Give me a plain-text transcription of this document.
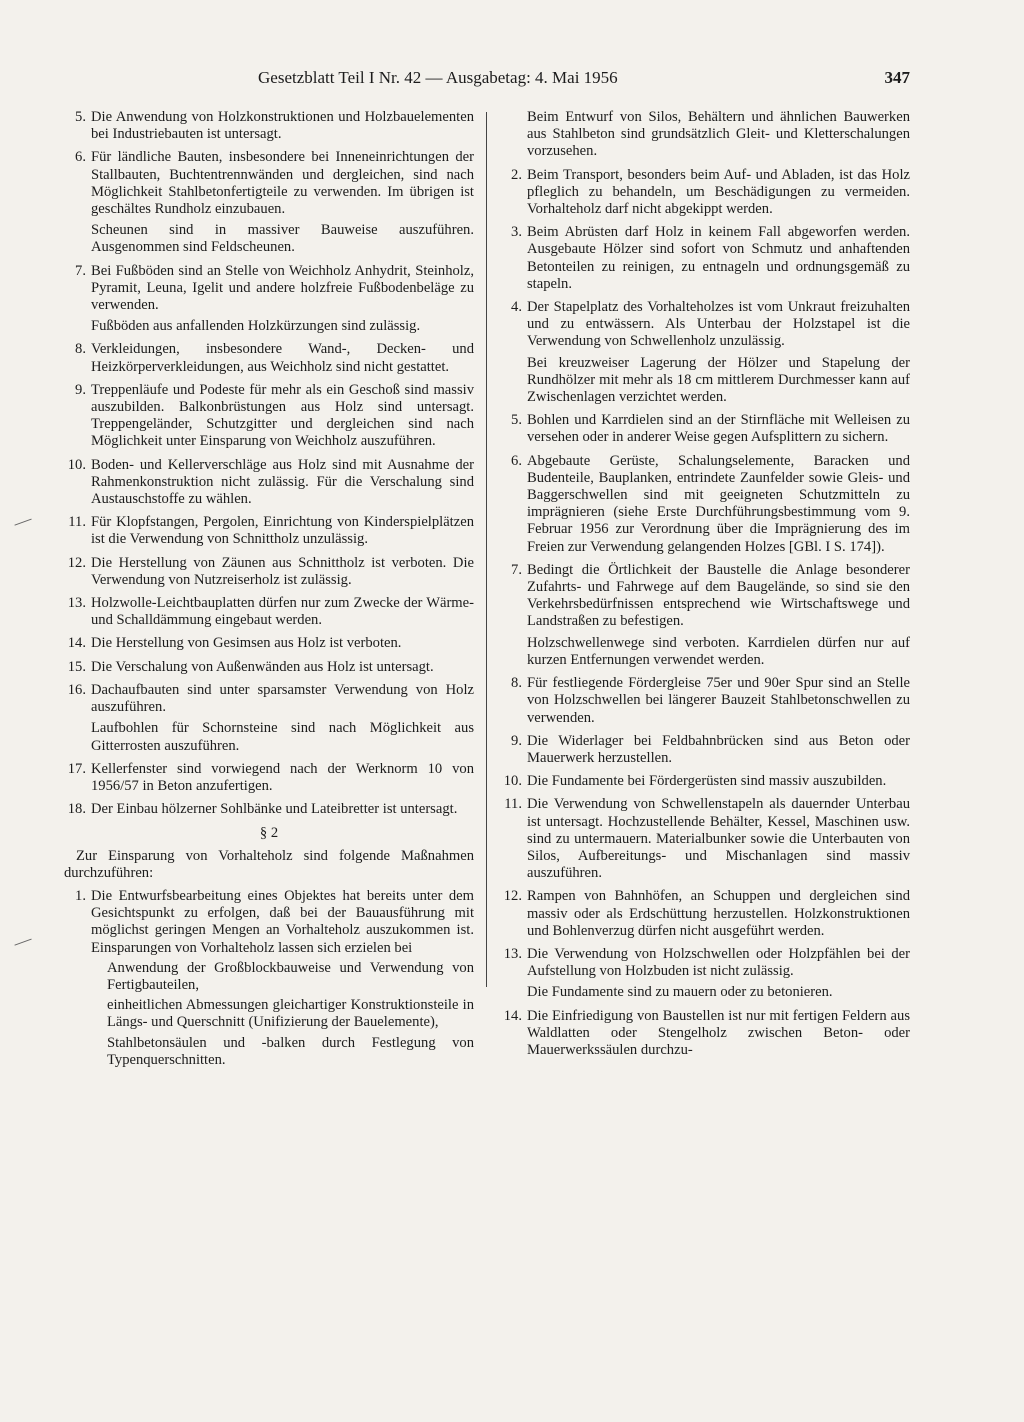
Gesetzblatt Teil I Nr. 42 — Ausgabetag: 4. Mai 1956	347
5. Die Anwendung von Holzkonstruktionen und Holzbauelementen bei Industriebauten ist untersagt.

6. Für ländliche Bauten, insbesondere bei Inneneinrichtungen der Stallbauten, Buchtentrennwänden und dergleichen, sind nach Möglichkeit Stahlbetonfertigteile zu verwenden. Im übrigen ist geschältes Rundholz einzubauen.

Scheunen sind in massiver Bauweise auszuführen. Ausgenommen sind Feldscheunen.

7. Bei Fußböden sind an Stelle von Weichholz Anhydrit, Steinholz, Pyramit, Leuna, Igelit und andere holzfreie Fußbodenbeläge zu verwenden.

Fußböden aus anfallenden Holzkürzungen sind zulässig.

8. Verkleidungen, insbesondere Wand-, Decken- und Heizkörperverkleidungen, aus Weichholz sind nicht gestattet.

9. Treppenläufe und Podeste für mehr als ein Geschoß sind massiv auszubilden. Balkonbrüstungen aus Holz sind untersagt. Treppengeländer, Schutzgitter und dergleichen sind nach Möglichkeit unter Einsparung von Weichholz auszuführen.

10. Boden- und Kellerverschläge aus Holz sind mit Ausnahme der Rahmenkonstruktion nicht zulässig. Für die Verschalung sind Austauschstoffe zu wählen.

11. Für Klopfstangen, Pergolen, Einrichtung von Kinderspielplätzen ist die Verwendung von Schnittholz unzulässig.

12. Die Herstellung von Zäunen aus Schnittholz ist verboten. Die Verwendung von Nutzreiserholz ist zulässig.

13. Holzwolle-Leichtbauplatten dürfen nur zum Zwecke der Wärme- und Schalldämmung eingebaut werden.

14. Die Herstellung von Gesimsen aus Holz ist verboten.

15. Die Verschalung von Außenwänden aus Holz ist untersagt.

16. Dachaufbauten sind unter sparsamster Verwendung von Holz auszuführen.

Laufbohlen für Schornsteine sind nach Möglichkeit aus Gitterrosten auszuführen.

17. Kellerfenster sind vorwiegend nach der Werknorm 10 von 1956/57 in Beton anzufertigen.

18. Der Einbau hölzerner Sohlbänke und Lateibretter ist untersagt.

§ 2

Zur Einsparung von Vorhalteholz sind folgende Maßnahmen durchzuführen:

1. Die Entwurfsbearbeitung eines Objektes hat bereits unter dem Gesichtspunkt zu erfolgen, daß bei der Bauausführung mit möglichst geringen Mengen an Vorhalteholz auszukommen ist. Einsparungen von Vorhalteholz lassen sich erzielen bei

Anwendung der Großblockbauweise und Verwendung von Fertigbauteilen,

einheitlichen Abmessungen gleichartiger Konstruktionsteile in Längs- und Querschnitt (Unifizierung der Bauelemente),

Stahlbetonsäulen und -balken durch Festlegung von Typenquerschnitten.

Beim Entwurf von Silos, Behältern und ähnlichen Bauwerken aus Stahlbeton sind grundsätzlich Gleit- und Kletterschalungen vorzusehen.

2. Beim Transport, besonders beim Auf- und Abladen, ist das Holz pfleglich zu behandeln, um Beschädigungen zu vermeiden. Vorhalteholz darf nicht abgekippt werden.

3. Beim Abrüsten darf Holz in keinem Fall abgeworfen werden. Ausgebaute Hölzer sind sofort von Schmutz und anhaftenden Betonteilen zu reinigen, zu entnageln und ordnungsgemäß zu stapeln.

4. Der Stapelplatz des Vorhalteholzes ist vom Unkraut freizuhalten und zu entwässern. Als Unterbau der Holzstapel ist die Verwendung von Schwellenholz unzulässig.

Bei kreuzweiser Lagerung der Hölzer und Stapelung der Rundhölzer mit mehr als 18 cm mittlerem Durchmesser kann auf Zwischenlagen verzichtet werden.

5. Bohlen und Karrdielen sind an der Stirnfläche mit Welleisen zu versehen oder in anderer Weise gegen Aufsplittern zu sichern.

6. Abgebaute Gerüste, Schalungselemente, Baracken und Budenteile, Bauplanken, entrindete Zaunfelder sowie Gleis- und Baggerschwellen sind mit geeigneten Schutzmitteln zu imprägnieren (siehe Erste Durchführungsbestimmung vom 9. Februar 1956 zur Verordnung über die Imprägnierung des im Freien zur Verwendung gelangenden Holzes [GBl. I S. 174]).

7. Bedingt die Örtlichkeit der Baustelle die Anlage besonderer Zufahrts- und Fahrwege auf dem Baugelände, so sind sie den Verkehrsbedürfnissen entsprechend wie Wirtschaftswege und Landstraßen zu befestigen.

Holzschwellenwege sind verboten. Karrdielen dürfen nur auf kurzen Entfernungen verwendet werden.

8. Für festliegende Fördergleise 75er und 90er Spur sind an Stelle von Holzschwellen bei längerer Bauzeit Stahlbetonschwellen zu verwenden.

9. Die Widerlager bei Feldbahnbrücken sind aus Beton oder Mauerwerk herzustellen.

10. Die Fundamente bei Fördergerüsten sind massiv auszubilden.

11. Die Verwendung von Schwellenstapeln als dauernder Unterbau ist untersagt. Hochzustellende Behälter, Kessel, Maschinen usw. sind zu untermauern. Materialbunker sowie die Unterbauten von Silos, Aufbereitungs- und Mischanlagen sind massiv auszuführen.

12. Rampen von Bahnhöfen, an Schuppen und dergleichen sind massiv oder als Erdschüttung herzustellen. Holzkonstruktionen und Bohlenverzug dürfen nicht ausgeführt werden.

13. Die Verwendung von Holzschwellen oder Holzpfählen bei der Aufstellung von Holzbuden ist nicht zulässig.

Die Fundamente sind zu mauern oder zu betonieren.

14. Die Einfriedigung von Baustellen ist nur mit fertigen Feldern aus Waldlatten oder Stengelholz zwischen Beton- oder Mauerwerkssäulen durchzu-
